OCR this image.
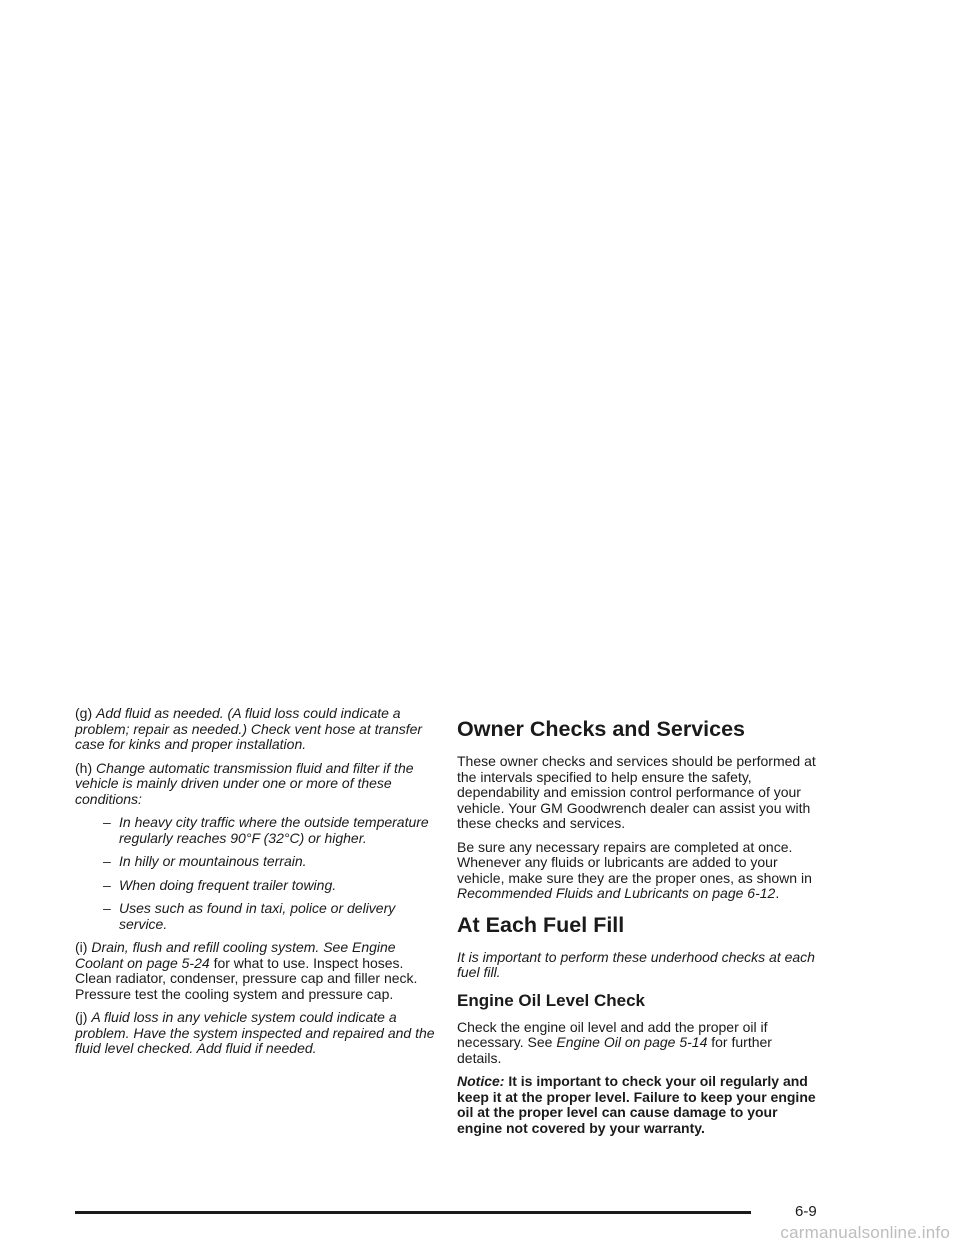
(g) Add fluid as needed. (A fluid loss could indicate a problem; repair as needed.) Check vent hose at transfer case for kinks and proper installation.

(h) Change automatic transmission fluid and filter if the vehicle is mainly driven under one or more of these conditions:

– In heavy city traffic where the outside temperature regularly reaches 90°F (32°C) or higher.

– In hilly or mountainous terrain.

– When doing frequent trailer towing.

– Uses such as found in taxi, police or delivery service.

(i) Drain, flush and refill cooling system. See Engine Coolant on page 5-24 for what to use. Inspect hoses. Clean radiator, condenser, pressure cap and filler neck. Pressure test the cooling system and pressure cap.

(j) A fluid loss in any vehicle system could indicate a problem. Have the system inspected and repaired and the fluid level checked. Add fluid if needed.

Owner Checks and Services

These owner checks and services should be performed at the intervals specified to help ensure the safety, dependability and emission control performance of your vehicle. Your GM Goodwrench dealer can assist you with these checks and services.

Be sure any necessary repairs are completed at once. Whenever any fluids or lubricants are added to your vehicle, make sure they are the proper ones, as shown in Recommended Fluids and Lubricants on page 6-12.

At Each Fuel Fill

It is important to perform these underhood checks at each fuel fill.

Engine Oil Level Check

Check the engine oil level and add the proper oil if necessary. See Engine Oil on page 5-14 for further details.

Notice: It is important to check your oil regularly and keep it at the proper level. Failure to keep your engine oil at the proper level can cause damage to your engine not covered by your warranty.

6-9
carmanualsonline.info
